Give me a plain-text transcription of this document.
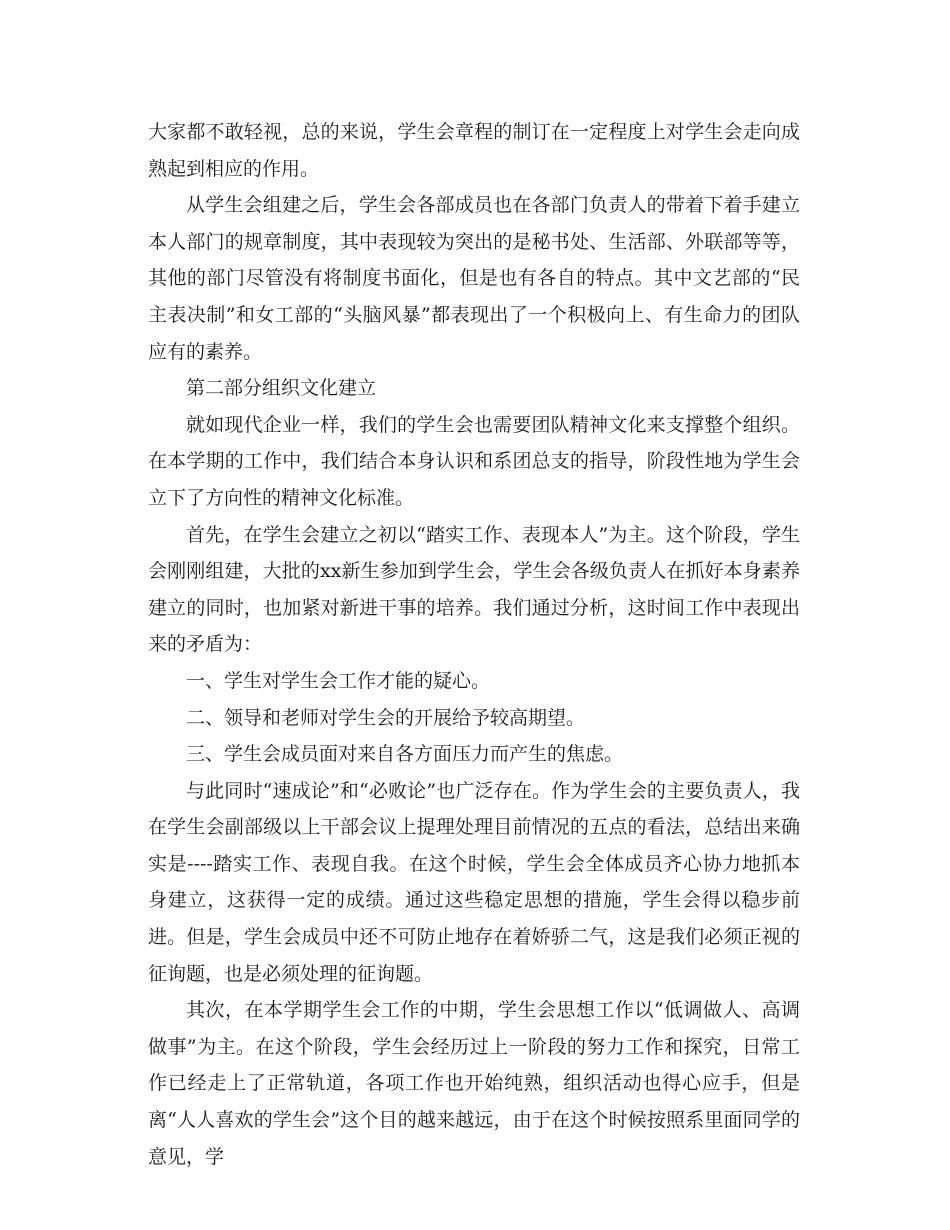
大家都不敢轻视，总的来说，学生会章程的制订在一定程度上对学生会走向成熟起到相应的作用。

从学生会组建之后，学生会各部成员也在各部门负责人的带着下着手建立本人部门的规章制度，其中表现较为突出的是秘书处、生活部、外联部等等，其他的部门尽管没有将制度书面化，但是也有各自的特点。其中文艺部的“民主表决制”和女工部的“头脑风暴”都表现出了一个积极向上、有生命力的团队应有的素养。

第二部分组织文化建立

就如现代企业一样，我们的学生会也需要团队精神文化来支撑整个组织。在本学期的工作中，我们结合本身认识和系团总支的指导，阶段性地为学生会立下了方向性的精神文化标准。

首先，在学生会建立之初以“踏实工作、表现本人”为主。这个阶段，学生会刚刚组建，大批的xx新生参加到学生会，学生会各级负责人在抓好本身素养建立的同时，也加紧对新进干事的培养。我们通过分析，这时间工作中表现出来的矛盾为：

一、学生对学生会工作才能的疑心。

二、领导和老师对学生会的开展给予较高期望。

三、学生会成员面对来自各方面压力而产生的焦虑。

与此同时“速成论”和“必败论”也广泛存在。作为学生会的主要负责人，我在学生会副部级以上干部会议上提理处理目前情况的五点的看法，总结出来确实是----踏实工作、表现自我。在这个时候，学生会全体成员齐心协力地抓本身建立，这获得一定的成绩。通过这些稳定思想的措施，学生会得以稳步前进。但是，学生会成员中还不可防止地存在着娇骄二气，这是我们必须正视的征询题，也是必须处理的征询题。

其次，在本学期学生会工作的中期，学生会思想工作以“低调做人、高调做事”为主。在这个阶段，学生会经历过上一阶段的努力工作和探究，日常工作已经走上了正常轨道，各项工作也开始纯熟，组织活动也得心应手，但是离“人人喜欢的学生会”这个目的越来越远，由于在这个时候按照系里面同学的意见，学
